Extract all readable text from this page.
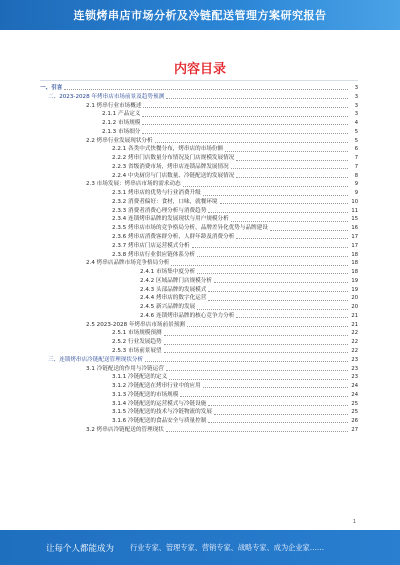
连锁烤串店市场分析及冷链配送管理方案研究报告
内容目录
一、引言	3
二、2023-2028 年烤串店市场前景及趋势预测	3
2.1 烤串行业市场概述	3
2.1.1 产品定义	3
2.1.2 市场规模	4
2.1.3 市场细分	5
2.2 烤串行业发展现状分析	5
2.2.1 各类中式快餐分布，烤串店的市场份额	6
2.2.2 烤串门店数量分布情况及门店规模发展情况	7
2.2.3 省级消费市场，烤串店连锁品牌发展情况	7
2.2.4 中央厨房与门店数量、冷链配送的发展情况	8
2.3 市场发展：烤串店市场的需求动态	9
2.3.1 烤串店的优势与行业消费升级	9
2.3.2 消费者偏好：食材，口味，就餐环境	10
2.3.3 消费者消费心理分析与消费趋势	11
2.3.4 连锁烤串品牌的发展现状与用户规模分析	15
2.3.5 烤串店市场的竞争格局分析，品牌差异化优势与品牌建设	16
2.3.6 烤串店消费客群分析，人群年龄及消费分析	17
2.3.7 烤串店门店运营模式分析	17
2.3.8 烤串店行业供应链体系分析	18
2.4 烤串店品牌市场竞争格局分析	18
2.4.1 市场集中度分析	18
2.4.2 区域品牌门店规模分析	19
2.4.3 头部品牌的发展模式	19
2.4.4 烤串店的数字化运营	20
2.4.5 新兴品牌的发展	20
2.4.6 连锁烤串品牌的核心竞争力分析	21
2.5 2023-2028 年烤串店市场前景预测	21
2.5.1 市场规模预测	22
2.5.2 行业发展趋势	22
2.5.3 市场前景展望	22
三、连锁烤串店冷链配送管理现状分析	23
3.1 冷链配送的作用与冷链运营	23
3.1.1 冷链配送的定义	23
3.1.2 冷链配送在烤串行业中的应用	24
3.1.3 冷链配送的市场规模	24
3.1.4 冷链配送的运营模式与冷链设施	25
3.1.5 冷链配送的技术与冷链物流的发展	25
3.1.6 冷链配送的食品安全与质量控制	26
3.2 烤串店冷链配送的管理现状	27
1
让每个人都能成为 行业专家、管理专家、营销专家、战略专家、成为企业家……
